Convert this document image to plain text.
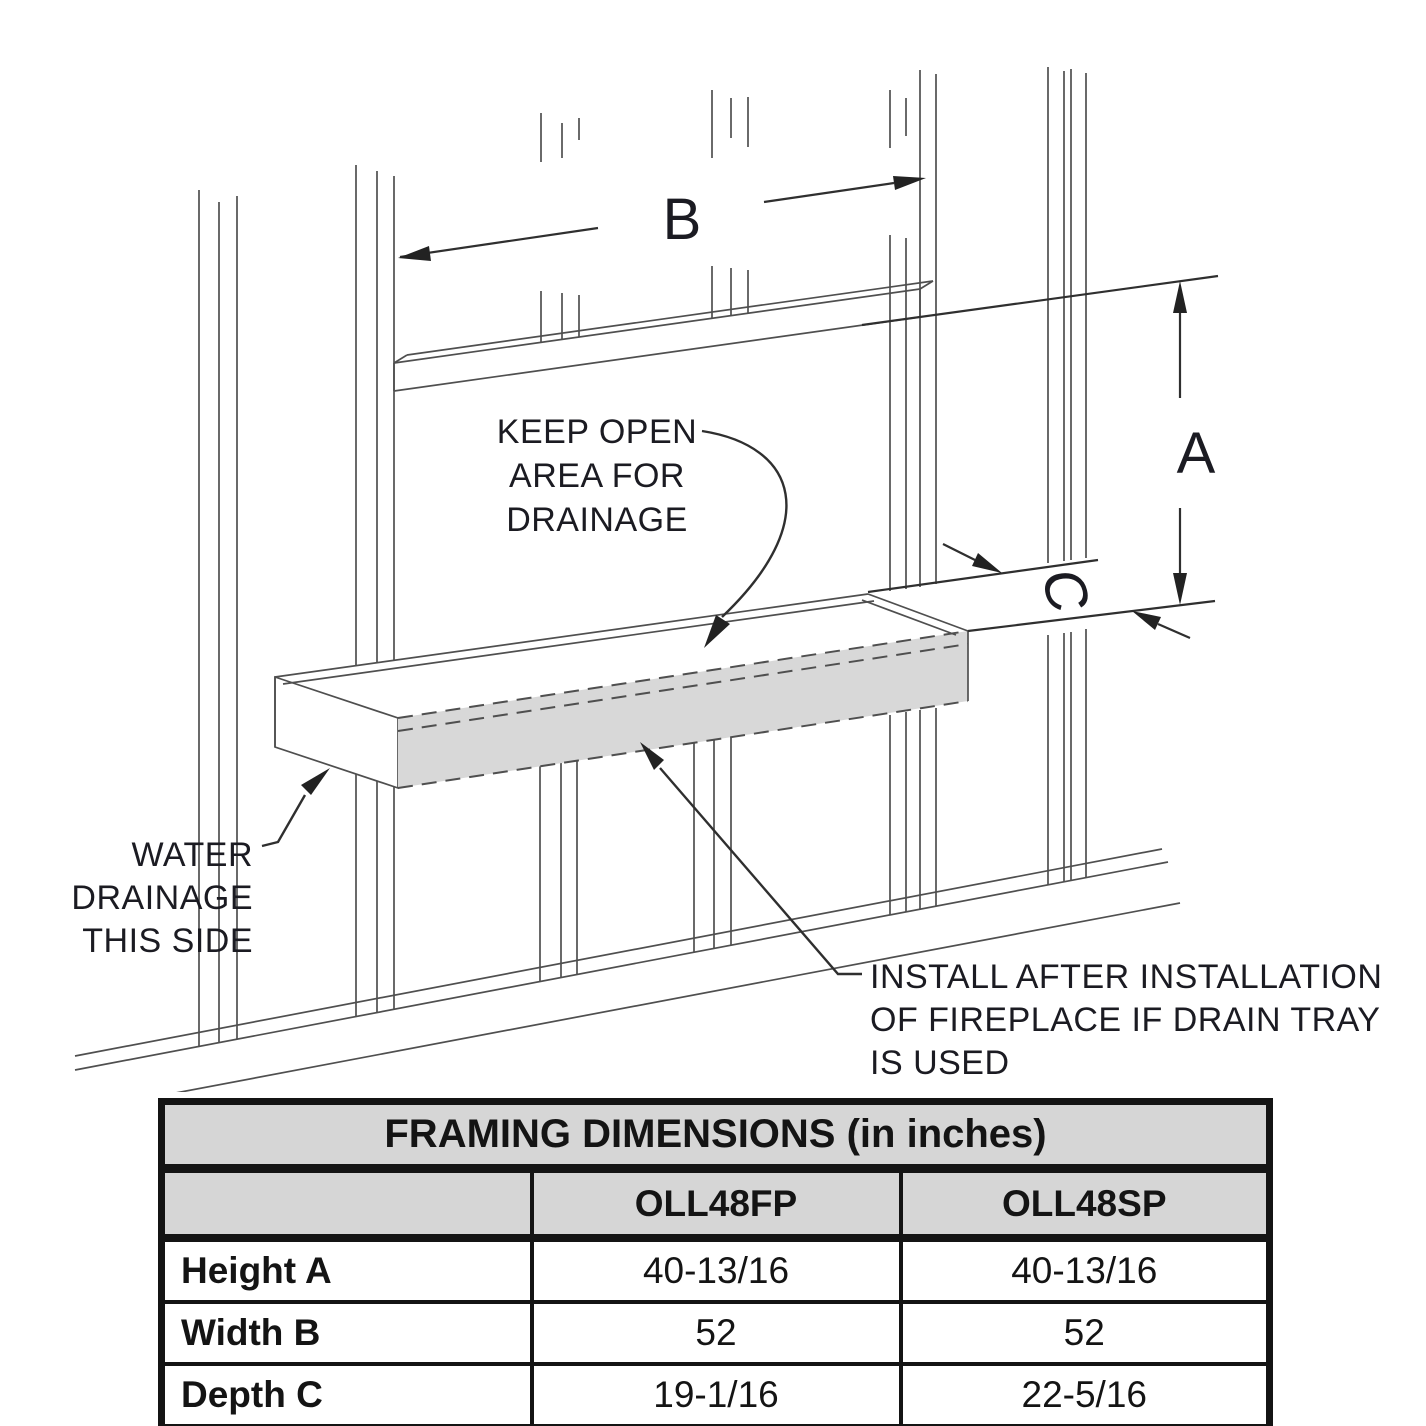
B
A
C
KEEP OPEN
AREA FOR
DRAINAGE
WATER
DRAINAGE
THIS SIDE
INSTALL AFTER INSTALLATION
OF FIREPLACE IF DRAIN TRAY
IS USED
FRAMING DIMENSIONS (in inches)		
	OLL48FP	OLL48SP
Height A	40-13/16	40-13/16
Width B	52	52
Depth C	19-1/16	22-5/16
